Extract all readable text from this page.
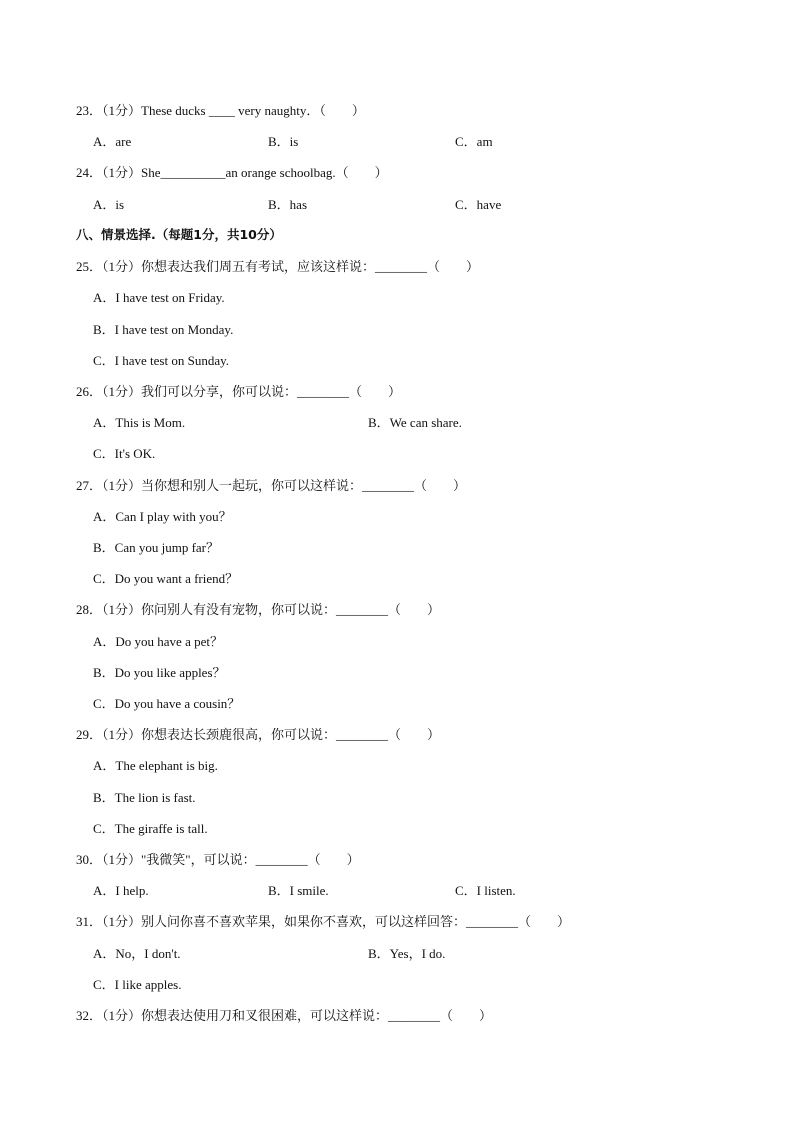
23．（1分）These ducks ____ very naughty．（　　）
A．are	B．is	C．am
24．（1分）She__________an orange schoolbag.（　　）
A．is	B．has	C．have
八、情景选择.（每题1分，共10分）
25．（1分）你想表达我们周五有考试，应该这样说：________（　　）
A．I have test on Friday.
B．I have test on Monday.
C．I have test on Sunday.
26．（1分）我们可以分享，你可以说：________（　　）
A．This is Mom.	B．We can share.
C．It's OK.
27．（1分）当你想和别人一起玩，你可以这样说：________（　　）
A．Can I play with you？
B．Can you jump far？
C．Do you want a friend？
28．（1分）你问别人有没有宠物，你可以说：________（　　）
A．Do you have a pet？
B．Do you like apples？
C．Do you have a cousin？
29．（1分）你想表达长颈鹿很高，你可以说：________（　　）
A．The elephant is big.
B．The lion is fast.
C．The giraffe is tall.
30．（1分）"我微笑"，可以说：________（　　）
A．I help.	B．I smile.	C．I listen.
31．（1分）别人问你喜不喜欢苹果，如果你不喜欢，可以这样回答：________（　　）
A．No，I don't.	B．Yes，I do.
C．I like apples.
32．（1分）你想表达使用刀和叉很困难，可以这样说：________（　　）
